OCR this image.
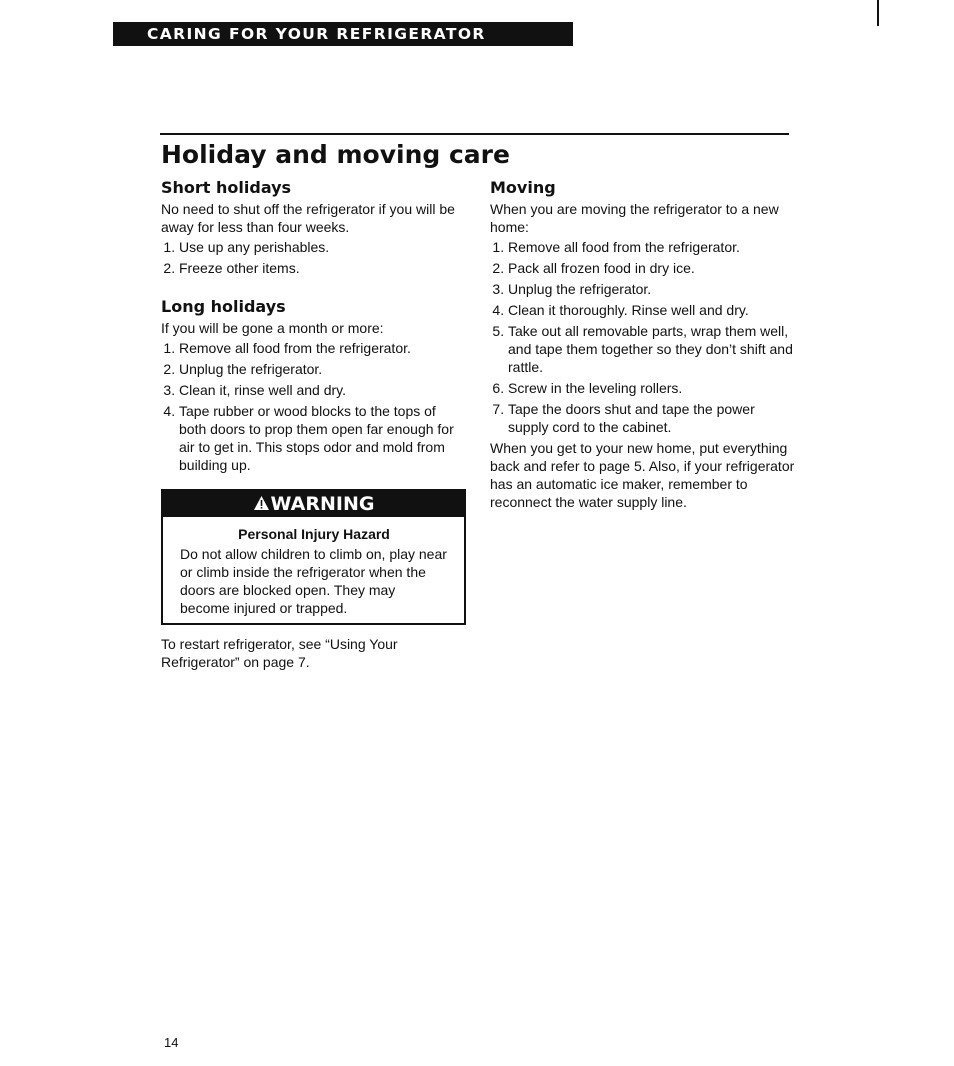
CARING FOR YOUR REFRIGERATOR
Holiday and moving care
Short holidays

No need to shut off the refrigerator if you will be away for less than four weeks.

1. Use up any perishables.
2. Freeze other items.
Long holidays

If you will be gone a month or more:

1. Remove all food from the refrigerator.
2. Unplug the refrigerator.
3. Clean it, rinse well and dry.
4. Tape rubber or wood blocks to the tops of both doors to prop them open far enough for air to get in. This stops odor and mold from building up.
WARNING
Personal Injury Hazard

Do not allow children to climb on, play near or climb inside the refrigerator when the doors are blocked open. They may become injured or trapped.

To restart refrigerator, see “Using Your Refrigerator” on page 7.

Moving

When you are moving the refrigerator to a new home:

1. Remove all food from the refrigerator.
2. Pack all frozen food in dry ice.
3. Unplug the refrigerator.
4. Clean it thoroughly. Rinse well and dry.
5. Take out all removable parts, wrap them well, and tape them together so they don’t shift and rattle.
6. Screw in the leveling rollers.
7. Tape the doors shut and tape the power supply cord to the cabinet.

When you get to your new home, put everything back and refer to page 5. Also, if your refrigerator has an automatic ice maker, remember to reconnect the water supply line.

14
